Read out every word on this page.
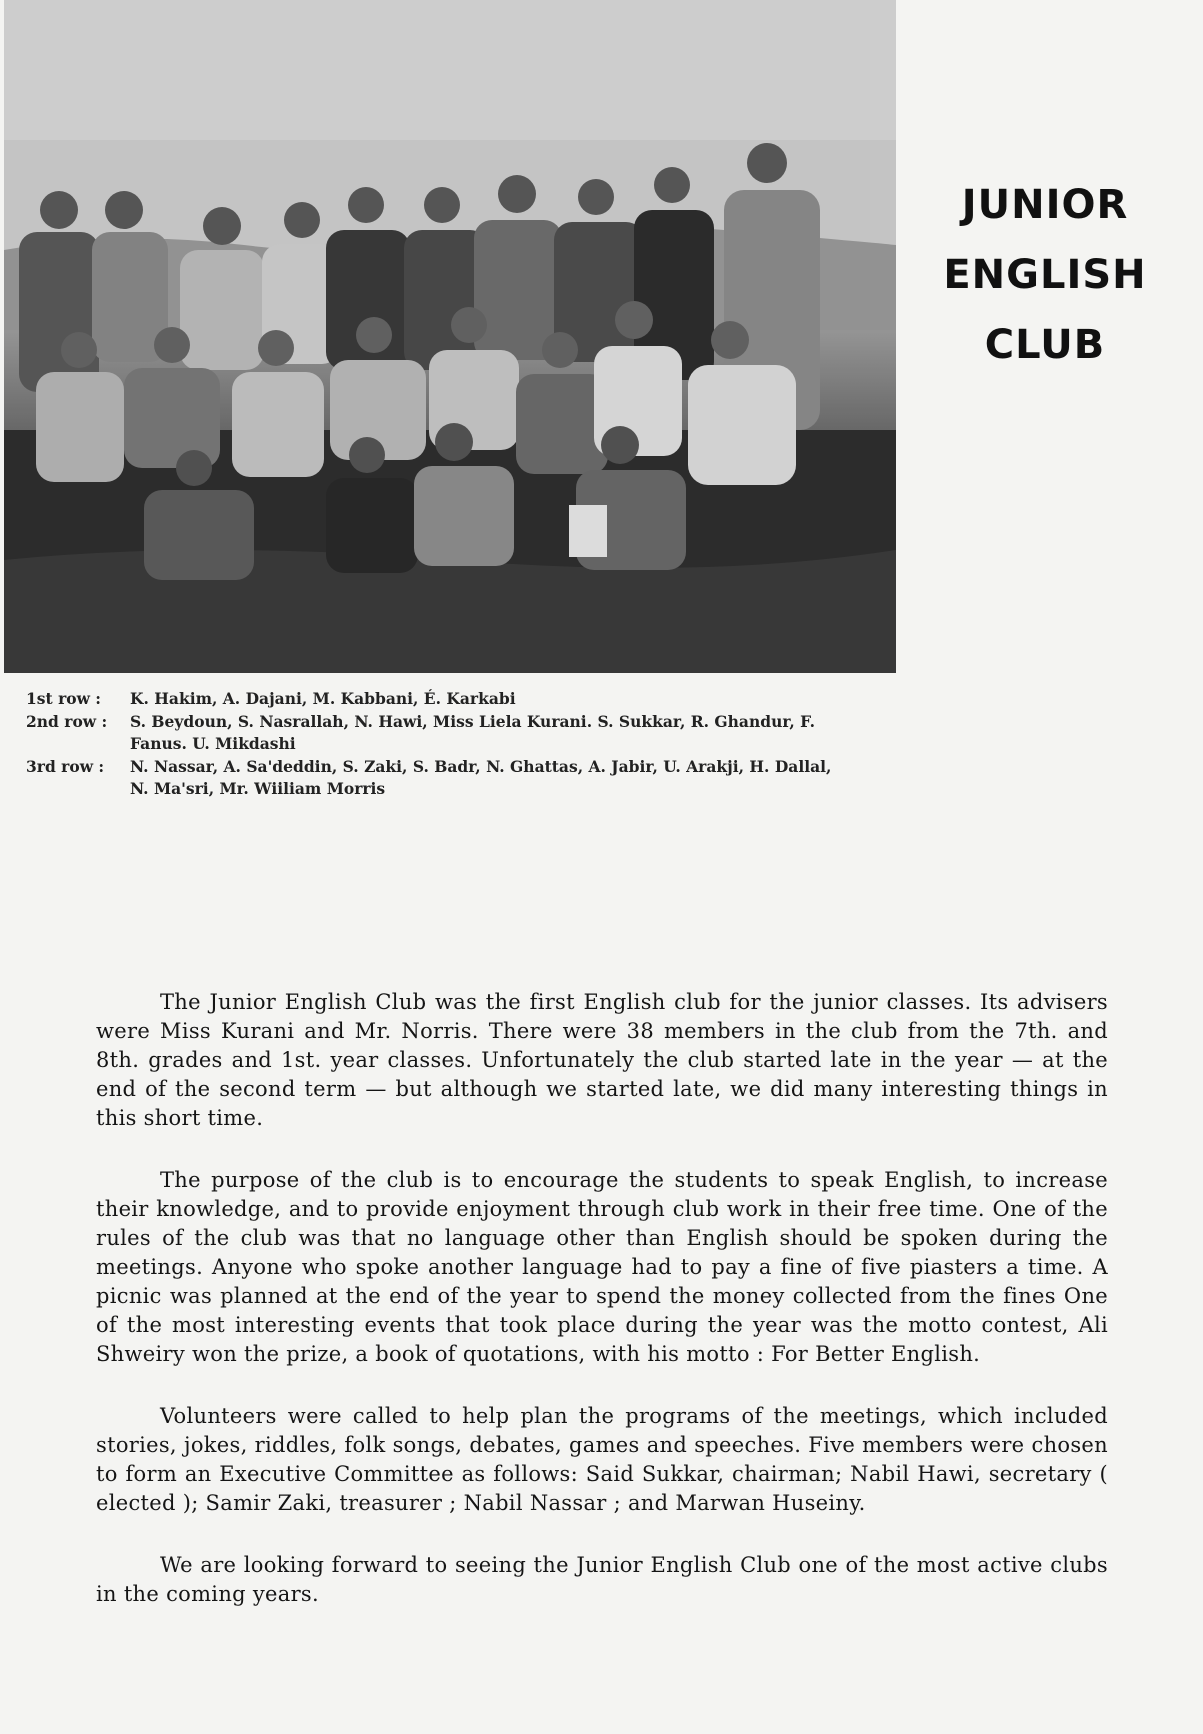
JUNIOR
ENGLISH
CLUB
1st row :	K. Hakim, A. Dajani, M. Kabbani, É. Karkabi
2nd row :	S. Beydoun, S. Nasrallah, N. Hawi, Miss Liela Kurani. S. Sukkar, R. Ghandur, F. Fanus. U. Mikdashi
3rd row :	N. Nassar, A. Sa'deddin, S. Zaki, S. Badr, N. Ghattas, A. Jabir, U. Arakji, H. Dallal, N. Ma'sri, Mr. Wiiliam Morris

The Junior English Club was the first English club for the junior classes. Its advisers were Miss Kurani and Mr. Norris. There were 38 members in the club from the 7th. and 8th. grades and 1st. year classes. Unfortunately the club started late in the year — at the end of the second term — but although we started late, we did many interesting things in this short time.

The purpose of the club is to encourage the students to speak English, to increase their knowledge, and to provide enjoyment through club work in their free time. One of the rules of the club was that no language other than English should be spoken during the meetings. Anyone who spoke another language had to pay a fine of five piasters a time. A picnic was planned at the end of the year to spend the money collected from the fines One of the most interesting events that took place during the year was the motto contest, Ali Shweiry won the prize, a book of quotations, with his motto : For Better English.

Volunteers were called to help plan the programs of the meetings, which included stories, jokes, riddles, folk songs, debates, games and speeches. Five members were chosen to form an Executive Committee as follows: Said Sukkar, chairman; Nabil Hawi, secretary ( elected ); Samir Zaki, treasurer ; Nabil Nassar ; and Marwan Huseiny.

We are looking forward to seeing the Junior English Club one of the most active clubs in the coming years.
